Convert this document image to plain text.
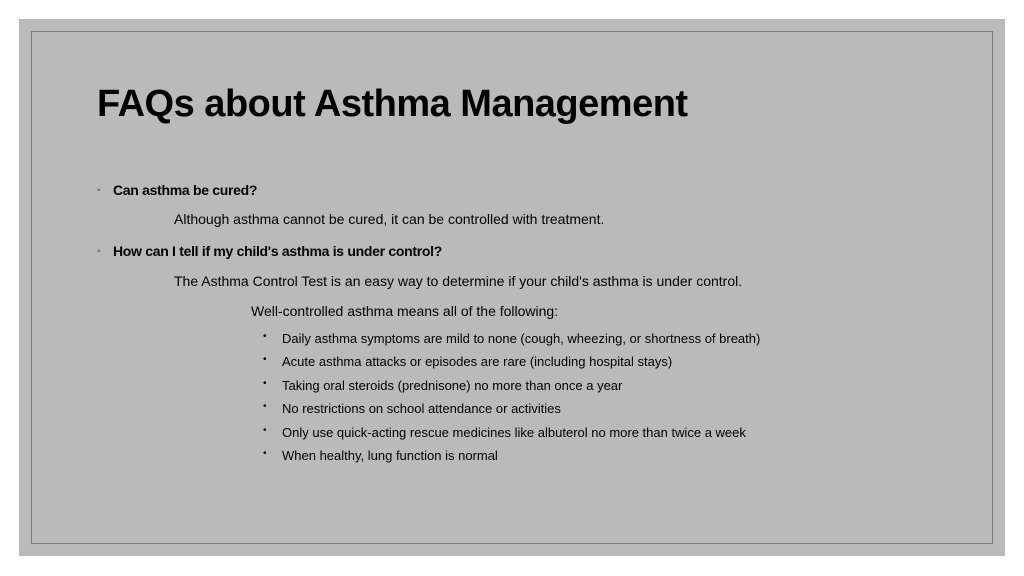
FAQs about Asthma Management
◦ Can asthma be cured?
Although asthma cannot be cured, it can be controlled with treatment.
◦ How can I tell if my child's asthma is under control?
The Asthma Control Test is an easy way to determine if your child's asthma is under control.
Well-controlled asthma means all of the following:
•	Daily asthma symptoms are mild to none (cough, wheezing, or shortness of breath)
•	Acute asthma attacks or episodes are rare (including hospital stays)
•	Taking oral steroids (prednisone) no more than once a year
•	No restrictions on school attendance or activities
•	Only use quick-acting rescue medicines like albuterol no more than twice a week
•	When healthy, lung function is normal
